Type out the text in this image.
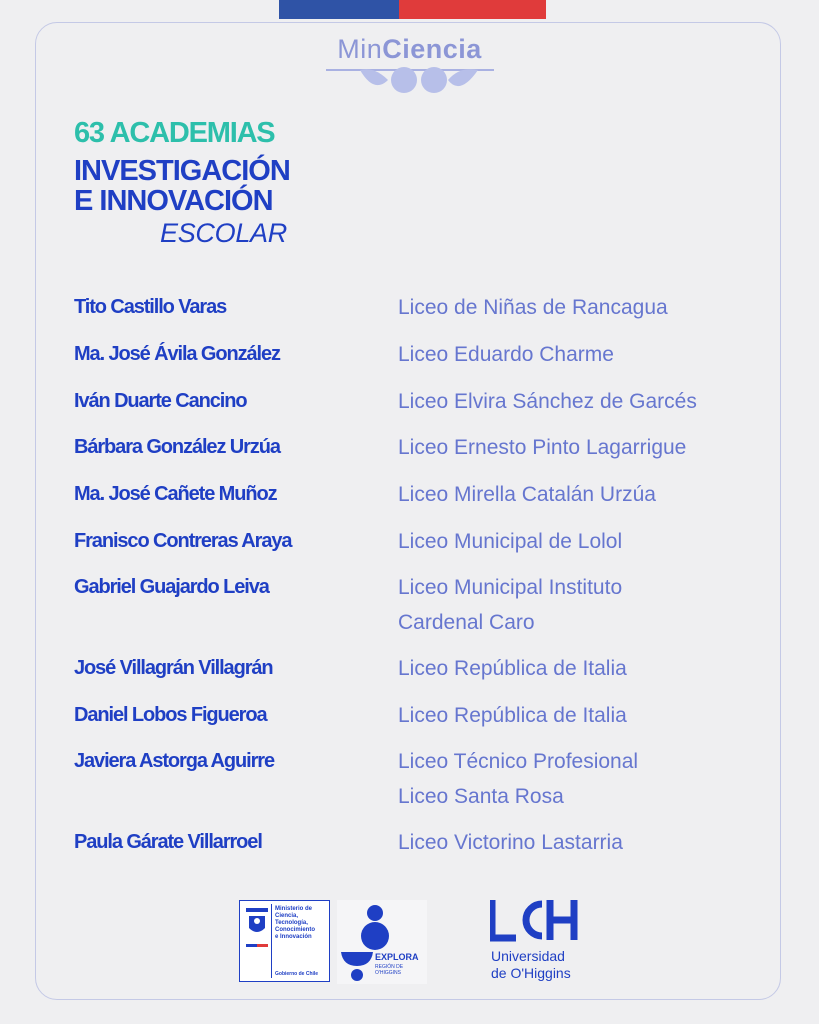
MinCiencia
63 ACADEMIAS
INVESTIGACIÓN
E INNOVACIÓN
ESCOLAR
Tito Castillo Varas	Liceo de Niñas de Rancagua
Ma. José Ávila González	Liceo Eduardo Charme
Iván Duarte Cancino	Liceo Elvira Sánchez de Garcés
Bárbara González Urzúa	Liceo Ernesto Pinto Lagarrigue
Ma. José Cañete Muñoz	Liceo Mirella Catalán Urzúa
Franisco Contreras Araya	Liceo Municipal de Lolol
Gabriel Guajardo Leiva	Liceo Municipal Instituto
Cardenal Caro
José Villagrán Villagrán	Liceo República de Italia
Daniel Lobos Figueroa	Liceo República de Italia
Javiera Astorga Aguirre	Liceo Técnico Profesional
Liceo Santa Rosa
Paula Gárate Villarroel	Liceo Victorino Lastarria
Ministerio de
Ciencia,
Tecnología,
Conocimiento
e Innovación
Gobierno de Chile
EXPLORA
REGIÓN DE
O'HIGGINS
Universidad
de O'Higgins
